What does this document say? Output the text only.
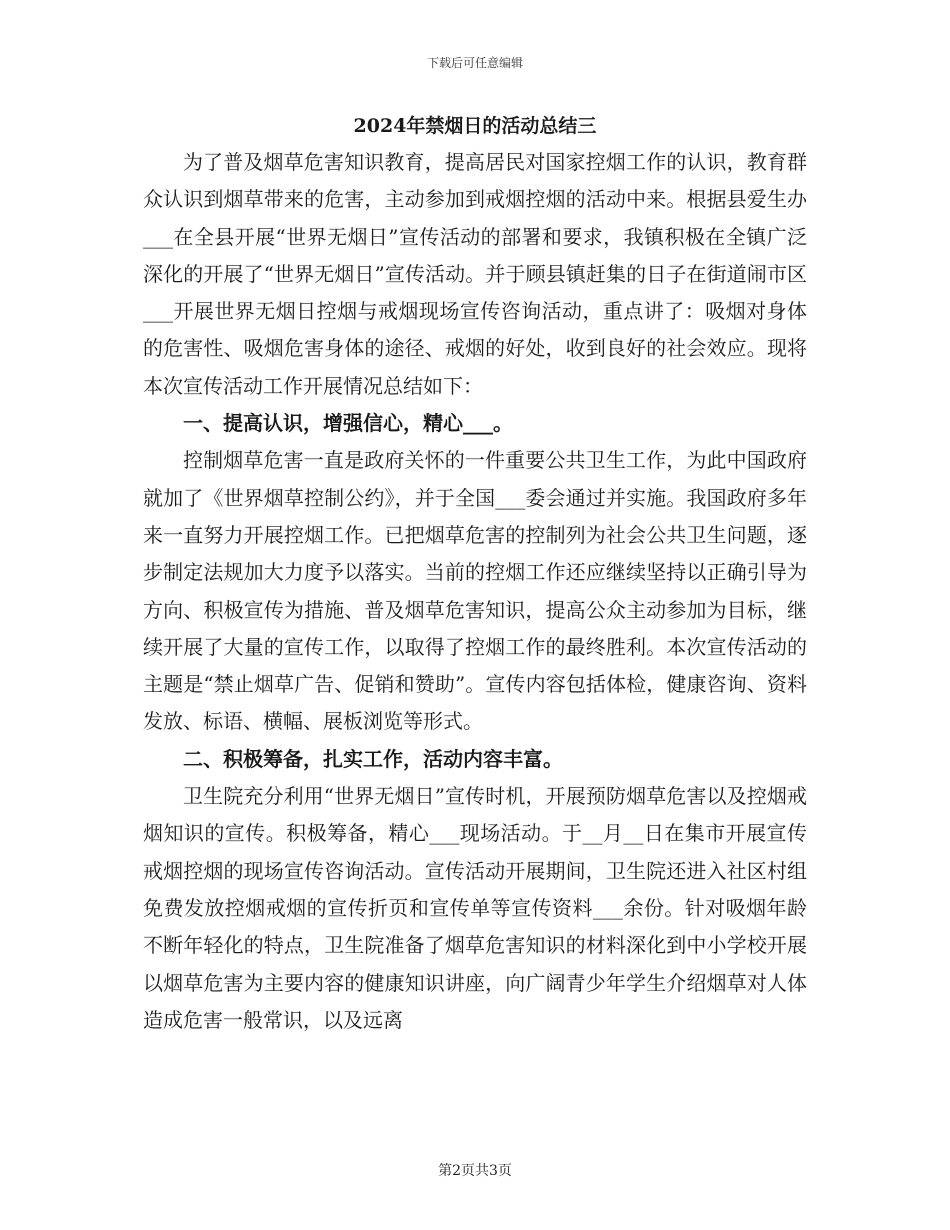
下载后可任意编辑
2024年禁烟日的活动总结三

为了普及烟草危害知识教育，提高居民对国家控烟工作的认识，教育群众认识到烟草带来的危害，主动参加到戒烟控烟的活动中来。根据县爱生办___在全县开展“世界无烟日”宣传活动的部署和要求，我镇积极在全镇广泛深化的开展了“世界无烟日”宣传活动。并于顾县镇赶集的日子在街道闹市区___开展世界无烟日控烟与戒烟现场宣传咨询活动，重点讲了：吸烟对身体的危害性、吸烟危害身体的途径、戒烟的好处，收到良好的社会效应。现将本次宣传活动工作开展情况总结如下：

一、提高认识，增强信心，精心___。

控制烟草危害一直是政府关怀的一件重要公共卫生工作，为此中国政府就加了《世界烟草控制公约》，并于全国___委会通过并实施。我国政府多年来一直努力开展控烟工作。已把烟草危害的控制列为社会公共卫生问题，逐步制定法规加大力度予以落实。当前的控烟工作还应继续坚持以正确引导为方向、积极宣传为措施、普及烟草危害知识，提高公众主动参加为目标，继续开展了大量的宣传工作，以取得了控烟工作的最终胜利。本次宣传活动的主题是“禁止烟草广告、促销和赞助”。宣传内容包括体检，健康咨询、资料发放、标语、横幅、展板浏览等形式。

二、积极筹备，扎实工作，活动内容丰富。

卫生院充分利用“世界无烟日”宣传时机，开展预防烟草危害以及控烟戒烟知识的宣传。积极筹备，精心___现场活动。于__月__日在集市开展宣传戒烟控烟的现场宣传咨询活动。宣传活动开展期间，卫生院还进入社区村组免费发放控烟戒烟的宣传折页和宣传单等宣传资料___余份。针对吸烟年龄不断年轻化的特点，卫生院准备了烟草危害知识的材料深化到中小学校开展以烟草危害为主要内容的健康知识讲座，向广阔青少年学生介绍烟草对人体造成危害一般常识，以及远离

第2页共3页
